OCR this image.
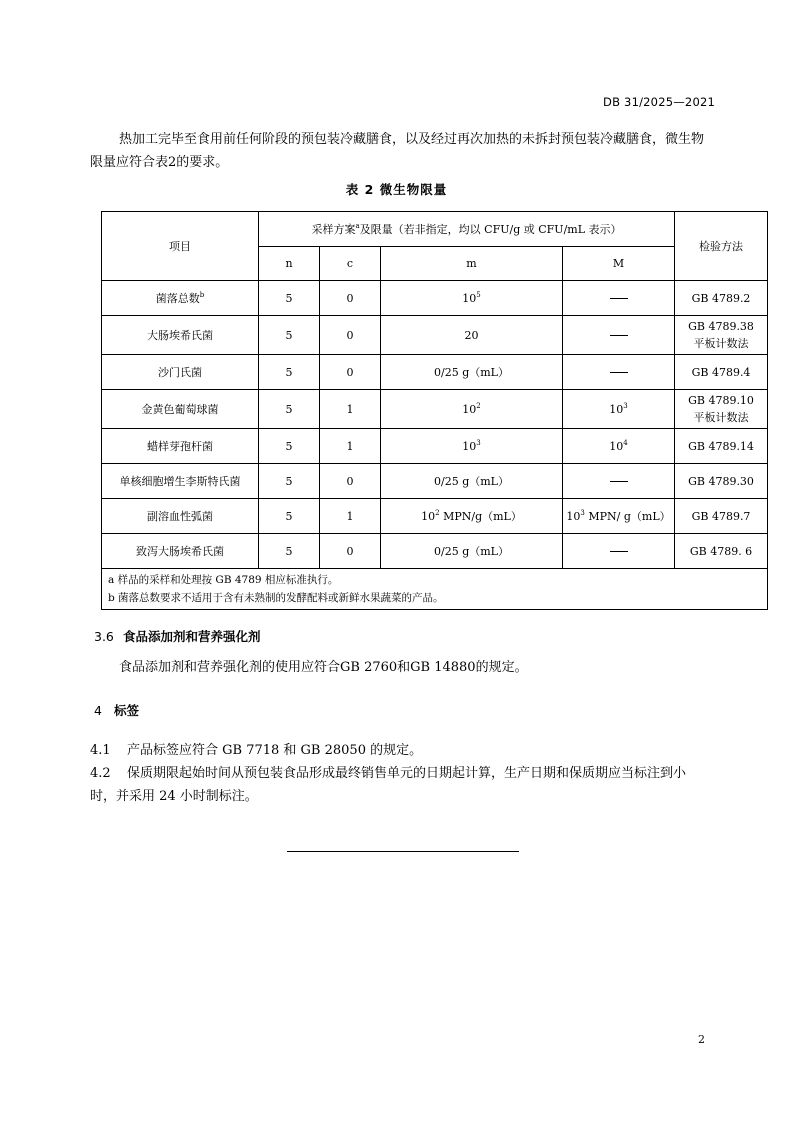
DB 31/2025—2021
热加工完毕至食用前任何阶段的预包装冷藏膳食，以及经过再次加热的未拆封预包装冷藏膳食，微生物限量应符合表2的要求。
表 2 微生物限量
项目	采样方案$^a$及限量（若非指定，均以 CFU/g 或 CFU/mL 表示）				检验方法
	n	c	m	M	
菌落总数$^b$	5	0	$10^5$		GB 4789.2

大肠埃希氏菌	5	0	20		GB 4789.38
平板计数法

沙门氏菌	5	0	0/25 g（mL）		GB 4789.4

金黄色葡萄球菌	5	1	$10^2$	$10^3$	GB 4789.10
平板计数法

蜡样芽孢杆菌	5	1	$10^3$	$10^4$	GB 4789.14

单核细胞增生李斯特氏菌	5	0	0/25 g（mL）		GB 4789.30

副溶血性弧菌	5	1	$10^2$ MPN/g（mL）	$10^3$ MPN/ g（mL）	GB 4789.7

致泻大肠埃希氏菌	5	0	0/25 g（mL）		GB 4789. 6

a 样品的采样和处理按 GB 4789 相应标准执行。
b 菌落总数要求不适用于含有未熟制的发酵配料或新鲜水果蔬菜的产品。					
3.6 食品添加剂和营养强化剂
食品添加剂和营养强化剂的使用应符合GB 2760和GB 14880的规定。
4 标签
4.1 产品标签应符合 GB 7718 和 GB 28050 的规定。
4.2 保质期限起始时间从预包装食品形成最终销售单元的日期起计算，生产日期和保质期应当标注到小时，并采用 24 小时制标注。
2
